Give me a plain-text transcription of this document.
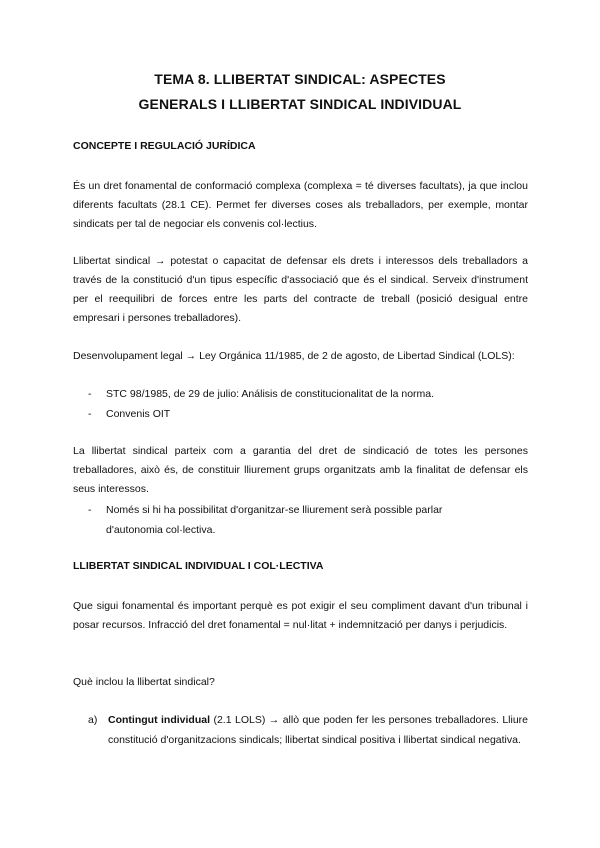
TEMA 8. LLIBERTAT SINDICAL: ASPECTES
GENERALS I LLIBERTAT SINDICAL INDIVIDUAL
CONCEPTE I REGULACIÓ JURÍDICA
És un dret fonamental de conformació complexa (complexa = té diverses facultats), ja que inclou diferents facultats (28.1 CE). Permet fer diverses coses als treballadors, per exemple, montar sindicats per tal de negociar els convenis col·lectius.
Llibertat sindical → potestat o capacitat de defensar els drets i interessos dels treballadors a través de la constitució d'un tipus específic d'associació que és el sindical. Serveix d'instrument per el reequilibri de forces entre les parts del contracte de treball (posició desigual entre empresari i persones treballadores).
Desenvolupament legal → Ley Orgánica 11/1985, de 2 de agosto, de Libertad Sindical (LOLS):
- STC 98/1985, de 29 de julio: Análisis de constitucionalitat de la norma.
- Convenis OIT
La llibertat sindical parteix com a garantia del dret de sindicació de totes les persones treballadores, això és, de constituir lliurement grups organitzats amb la finalitat de defensar els seus interessos.
- Només si hi ha possibilitat d'organitzar-se lliurement serà possible parlar d'autonomia col·lectiva.
LLIBERTAT SINDICAL INDIVIDUAL I COL·LECTIVA
Que sigui fonamental és important perquè es pot exigir el seu compliment davant d'un tribunal i posar recursos. Infracció del dret fonamental = nul·litat + indemnització per danys i perjudicis.
Què inclou la llibertat sindical?
a) Contingut individual (2.1 LOLS) → allò que poden fer les persones treballadores. Lliure constitució d'organitzacions sindicals; llibertat sindical positiva i llibertat sindical negativa.
